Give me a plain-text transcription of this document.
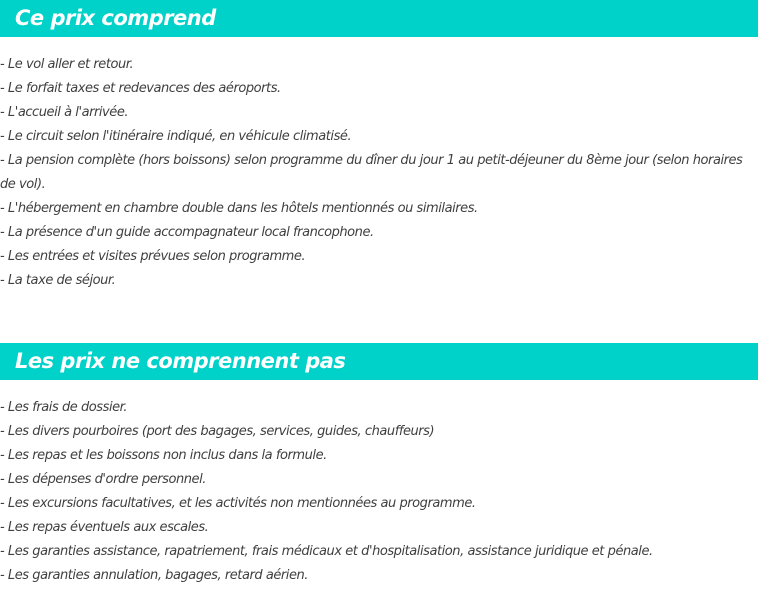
Ce prix comprend
- Le vol aller et retour.
- Le forfait taxes et redevances des aéroports.
- L'accueil à l'arrivée.
- Le circuit selon l'itinéraire indiqué, en véhicule climatisé.
- La pension complète (hors boissons) selon programme du dîner du jour 1 au petit-déjeuner du 8ème jour (selon horaires de vol).
- L'hébergement en chambre double dans les hôtels mentionnés ou similaires.
- La présence d'un guide accompagnateur local francophone.
- Les entrées et visites prévues selon programme.
- La taxe de séjour.
Les prix ne comprennent pas
- Les frais de dossier.
- Les divers pourboires (port des bagages, services, guides, chauffeurs)
- Les repas et les boissons non inclus dans la formule.
- Les dépenses d'ordre personnel.
- Les excursions facultatives, et les activités non mentionnées au programme.
- Les repas éventuels aux escales.
- Les garanties assistance, rapatriement, frais médicaux et d'hospitalisation, assistance juridique et pénale.
- Les garanties annulation, bagages, retard aérien.
